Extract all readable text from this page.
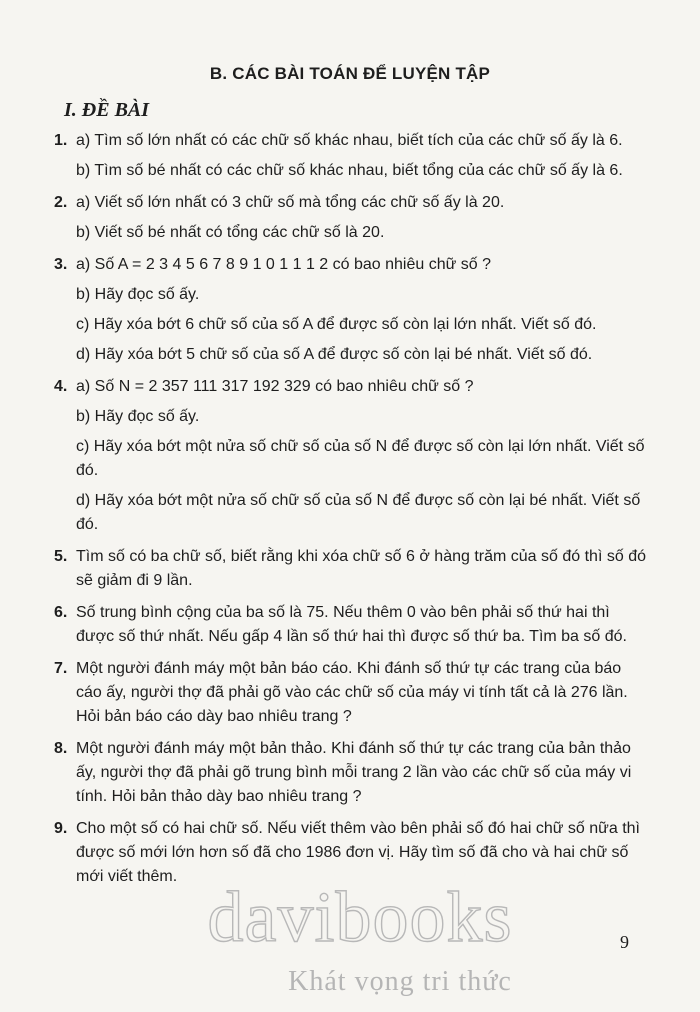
B. CÁC BÀI TOÁN ĐỂ LUYỆN TẬP
I. ĐỀ BÀI
1. a) Tìm số lớn nhất có các chữ số khác nhau, biết tích của các chữ số ấy là 6.

b) Tìm số bé nhất có các chữ số khác nhau, biết tổng của các chữ số ấy là 6.

2. a) Viết số lớn nhất có 3 chữ số mà tổng các chữ số ấy là 20.

b) Viết số bé nhất có tổng các chữ số là 20.

3. a) Số A = 2 3 4 5 6 7 8 9 1 0 1 1 1 2 có bao nhiêu chữ số ?

b) Hãy đọc số ấy.

c) Hãy xóa bớt 6 chữ số của số A để được số còn lại lớn nhất. Viết số đó.

d) Hãy xóa bớt 5 chữ số của số A để được số còn lại bé nhất. Viết số đó.

4. a) Số N = 2 357 111 317 192 329 có bao nhiêu chữ số ?

b) Hãy đọc số ấy.

c) Hãy xóa bớt một nửa số chữ số của số N để được số còn lại lớn nhất. Viết số đó.

d) Hãy xóa bớt một nửa số chữ số của số N để được số còn lại bé nhất. Viết số đó.

5. Tìm số có ba chữ số, biết rằng khi xóa chữ số 6 ở hàng trăm của số đó thì số đó sẽ giảm đi 9 lần.

6. Số trung bình cộng của ba số là 75. Nếu thêm 0 vào bên phải số thứ hai thì được số thứ nhất. Nếu gấp 4 lần số thứ hai thì được số thứ ba. Tìm ba số đó.

7. Một người đánh máy một bản báo cáo. Khi đánh số thứ tự các trang của báo cáo ấy, người thợ đã phải gõ vào các chữ số của máy vi tính tất cả là 276 lần. Hỏi bản báo cáo dày bao nhiêu trang ?

8. Một người đánh máy một bản thảo. Khi đánh số thứ tự các trang của bản thảo ấy, người thợ đã phải gõ trung bình mỗi trang 2 lần vào các chữ số của máy vi tính. Hỏi bản thảo dày bao nhiêu trang ?

9. Cho một số có hai chữ số. Nếu viết thêm vào bên phải số đó hai chữ số nữa thì được số mới lớn hơn số đã cho 1986 đơn vị. Hãy tìm số đã cho và hai chữ số mới viết thêm.

davibooks
Khát vọng tri thức
9
